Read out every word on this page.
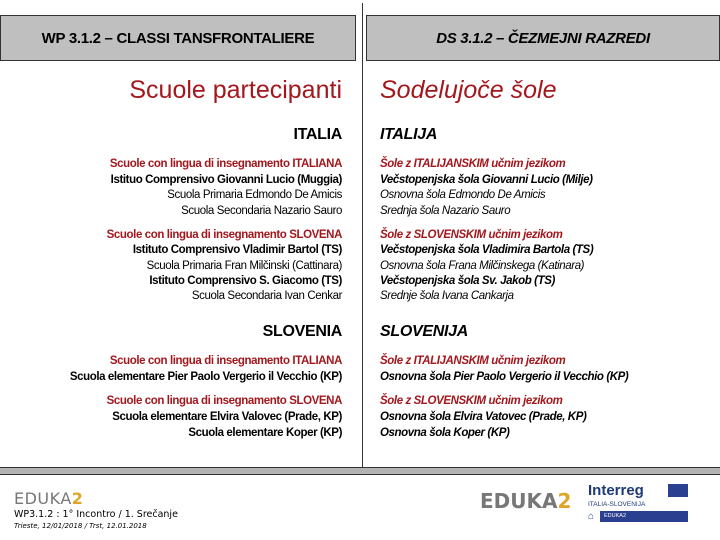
WP 3.1.2 – CLASSI TANSFRONTALIERE	DS 3.1.2 – ČEZMEJNI RAZREDI
Scuole partecipanti
ITALIA
SLOVENIA
Scuole con lingua di insegnamento ITALIANA
Istituo Comprensivo Giovanni Lucio (Muggia)
Scuola Primaria Edmondo De Amicis
Scuola Secondaria Nazario Sauro
Scuole con lingua di insegnamento SLOVENA
Istituto Comprensivo Vladimir Bartol (TS)
Scuola Primaria Fran Milčinski (Cattinara)
Istituto Comprensivo S. Giacomo (TS)
Scuola Secondaria Ivan Cenkar
Scuole con lingua di insegnamento ITALIANA
Scuola elementare Pier Paolo Vergerio il Vecchio (KP)
Scuole con lingua di insegnamento SLOVENA
Scuola elementare Elvira Valovec (Prade, KP)
Scuola elementare Koper (KP)
Sodelujoče šole
ITALIJA
SLOVENIJA
Šole z ITALIJANSKIM učnim jezikom
Večstopenjska šola Giovanni Lucio (Milje)
Osnovna šola Edmondo De Amicis
Srednja šola Nazario Sauro
Šole z SLOVENSKIM učnim jezikom
Večstopenjska šola Vladimira Bartola (TS)
Osnovna šola Frana Milčinskega (Katinara)
Večstopenjska šola Sv. Jakob (TS)
Srednje šola Ivana Cankarja
Šole z ITALIJANSKIM učnim jezikom
Osnovna šola Pier Paolo Vergerio il Vecchio (KP)
Šole z SLOVENSKIM učnim jezikom
Osnovna šola Elvira Vatovec (Prade, KP)
Osnovna šola Koper (KP)
EDUKA2
WP3.1.2 : 1° Incontro / 1. Srečanje
Trieste, 12/01/2018 / Trst, 12.01.2018
EDUKA2 Interreg
ITALIA-SLOVENIJA
⌂	EDUKA2
